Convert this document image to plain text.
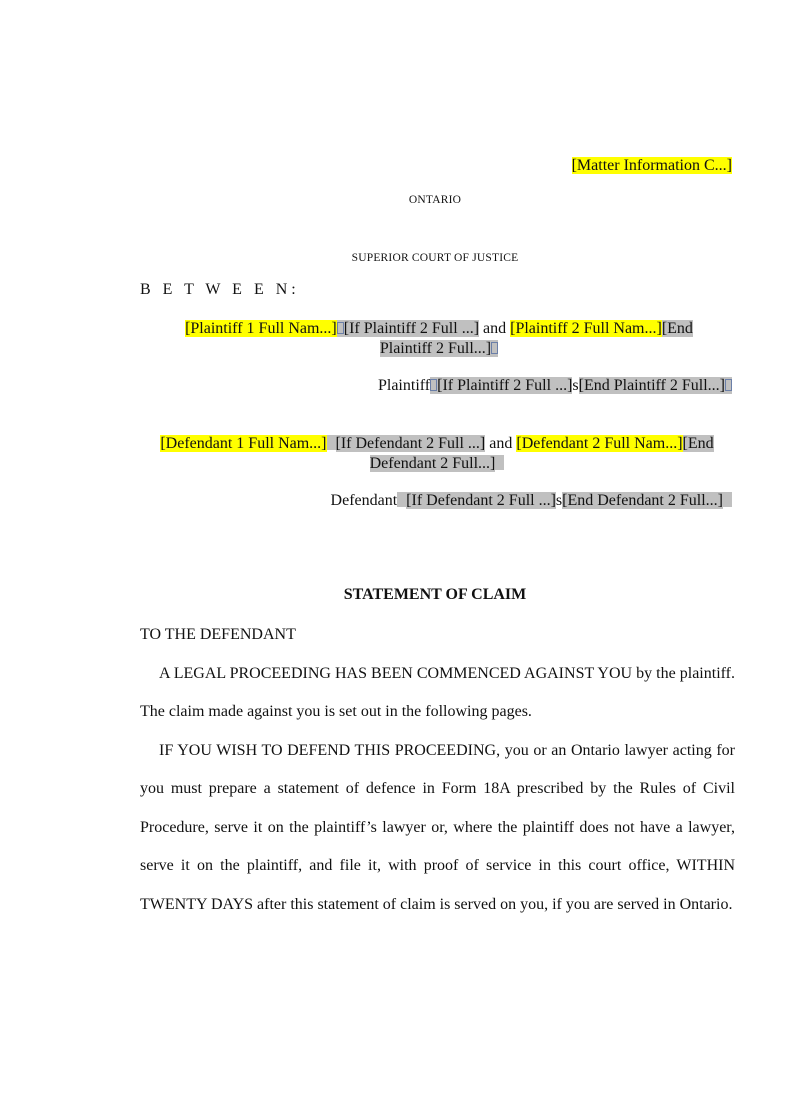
[Matter Information C...]
ONTARIO
SUPERIOR COURT OF JUSTICE
B E T W E E N:
[Plaintiff 1 Full Nam...] [If Plaintiff 2 Full ...] and [Plaintiff 2 Full Nam...][End
Plaintiff 2 Full...]
Plaintiff [If Plaintiff 2 Full ...]s[End Plaintiff 2 Full...]
[Defendant 1 Full Nam...] [If Defendant 2 Full ...] and [Defendant 2 Full Nam...][End
Defendant 2 Full...]
Defendant [If Defendant 2 Full ...]s[End Defendant 2 Full...]
STATEMENT OF CLAIM
TO THE DEFENDANT
A LEGAL PROCEEDING HAS BEEN COMMENCED AGAINST YOU by the plaintiff. The claim made against you is set out in the following pages.
IF YOU WISH TO DEFEND THIS PROCEEDING, you or an Ontario lawyer acting for you must prepare a statement of defence in Form 18A prescribed by the Rules of Civil Procedure, serve it on the plaintiff’s lawyer or, where the plaintiff does not have a lawyer, serve it on the plaintiff, and file it, with proof of service in this court office, WITHIN TWENTY DAYS after this statement of claim is served on you, if you are served in Ontario.
